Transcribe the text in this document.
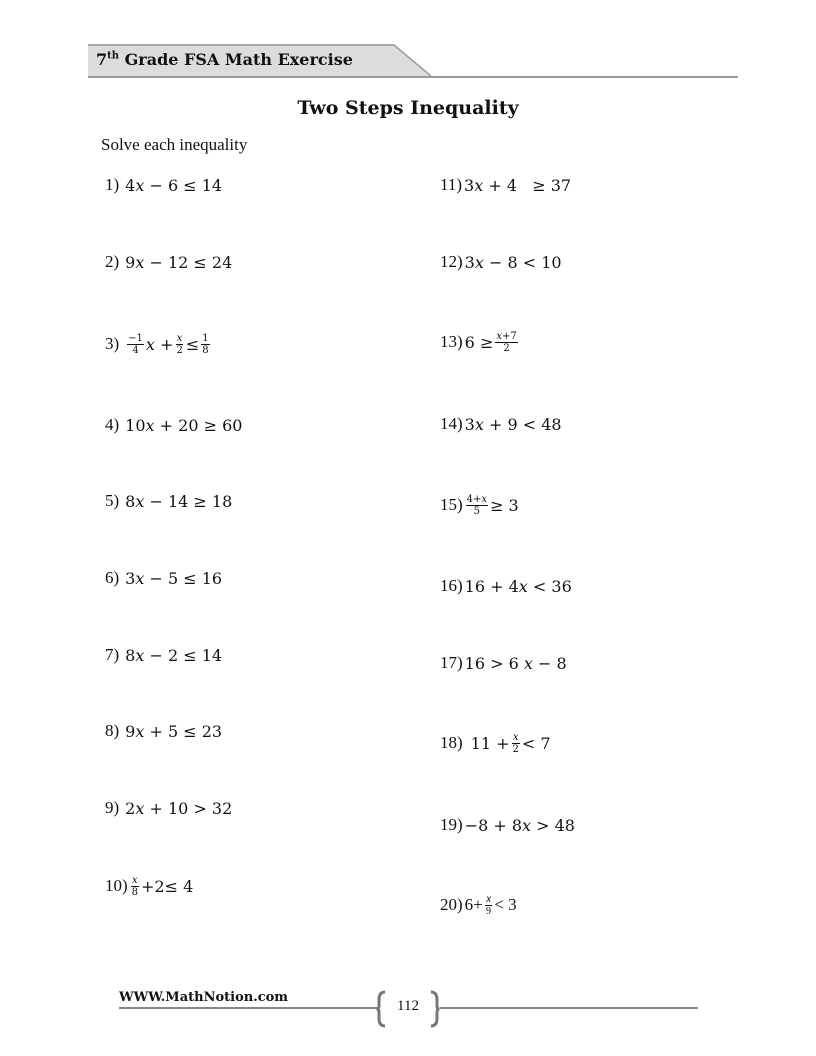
7th Grade FSA Math Exercise
Two Steps Inequality
Solve each inequality
1) 4𝑥 − 6 ≤ 14
2) 9𝑥 − 12 ≤ 24
$3) \frac{-1}{4}$ 𝑥 + $\frac{\text{𝑥}}{2} \le \frac{1}{8}$
4) 10𝑥 + 20 ≥ 60
5) 8𝑥 − 14 ≥ 18
6) 3𝑥 − 5 ≤ 16
7) 8𝑥 − 2 ≤ 14
8) 9𝑥 + 5 ≤ 23
9) 2𝑥 + 10 > 32
$10) \frac{\text{𝑥}}{8} +2\le 4$
11) 3𝑥 + 4   ≥ 37
12) 3𝑥 − 8 < 10
13) $6 \ge \frac{\text{𝑥+7}}{2}$
14) 3𝑥 + 9 < 48
$15) \frac{\text{4+𝑥}}{5} \ge 3$
16) 16 + 4𝑥 < 36
17) 16 > 6 𝑥 − 8
18) $11 + \frac{\text{𝑥}}{2} < 7$
19) −8 + 8𝑥 > 48
20) $6+ \frac{\text{𝑥}}{9} < 3$
WWW.MathNotion.com
112
